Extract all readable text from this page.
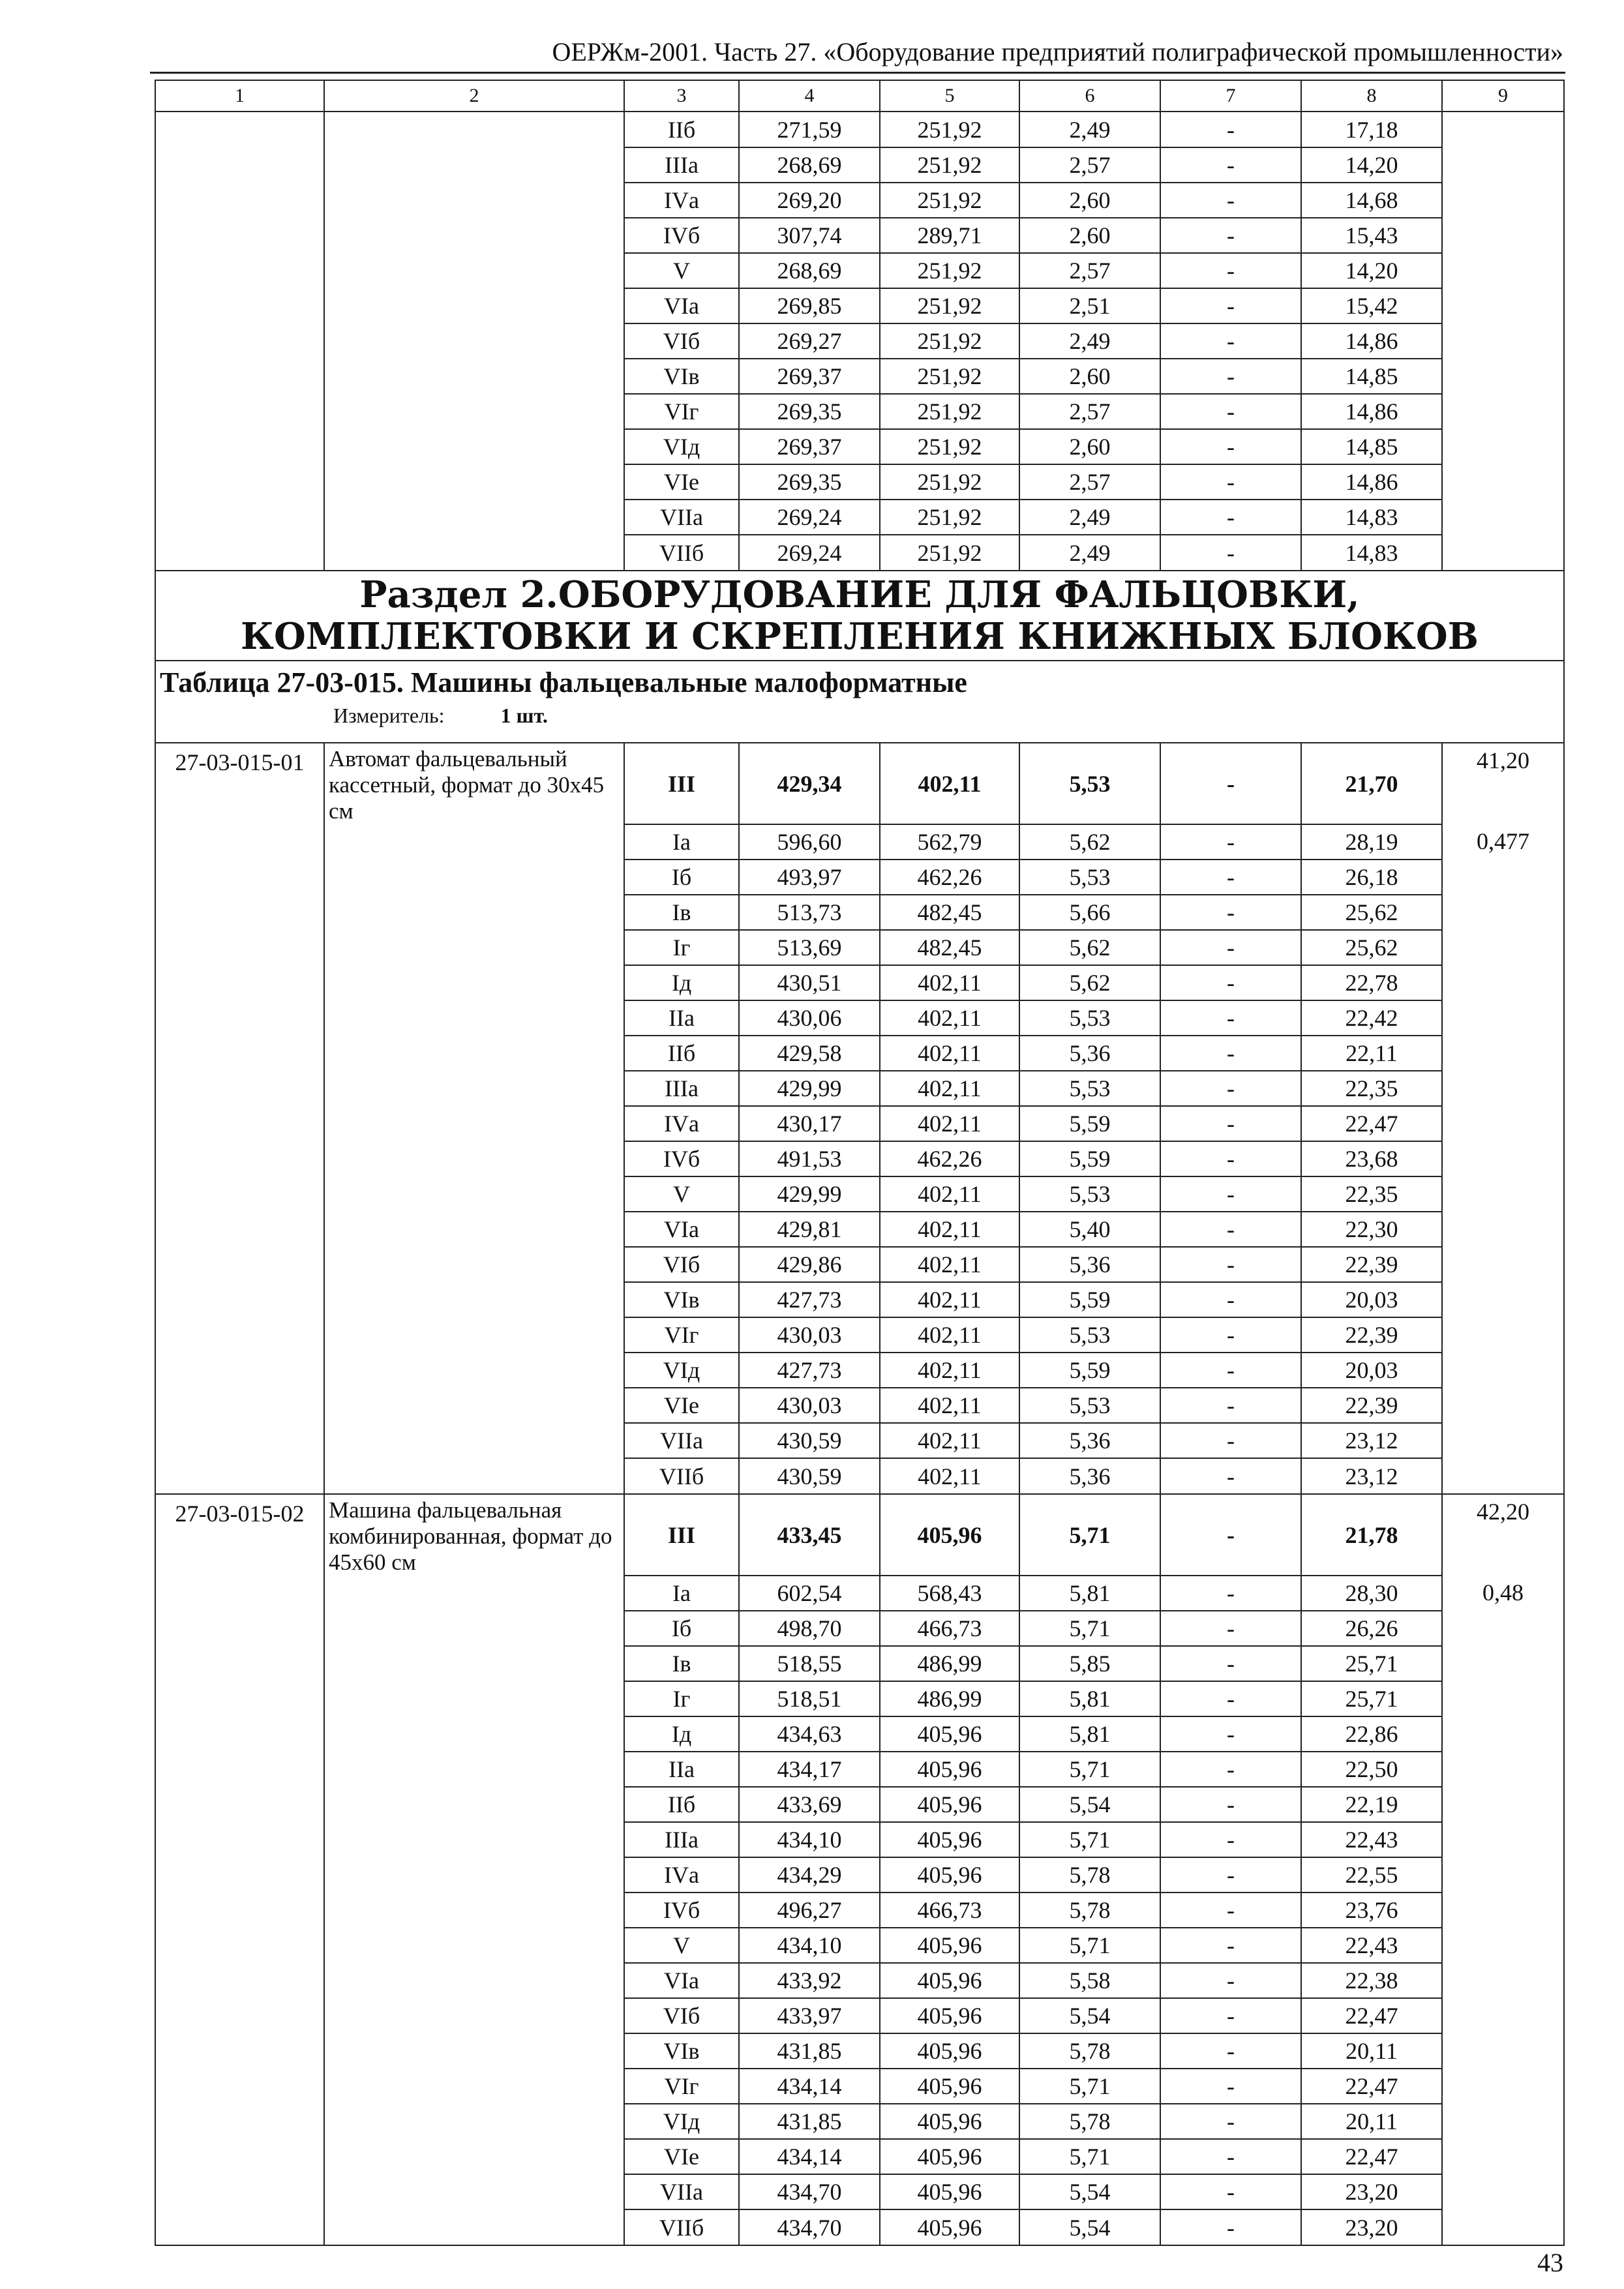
ОЕРЖм-2001. Часть 27. «Оборудование предприятий полиграфической промышленности»
1	2	3	4	5	6	7	8	9
		IIб	271,59	251,92	2,49	-	17,18	
		IIIа	268,69	251,92	2,57	-	14,20	
		IVа	269,20	251,92	2,60	-	14,68	
		IVб	307,74	289,71	2,60	-	15,43	
		V	268,69	251,92	2,57	-	14,20	
		VIа	269,85	251,92	2,51	-	15,42	
		VIб	269,27	251,92	2,49	-	14,86	
		VIв	269,37	251,92	2,60	-	14,85	
		VIг	269,35	251,92	2,57	-	14,86	
		VIд	269,37	251,92	2,60	-	14,85	
		VIе	269,35	251,92	2,57	-	14,86	
		VIIа	269,24	251,92	2,49	-	14,83	
		VIIб	269,24	251,92	2,49	-	14,83	
Раздел 2.ОБОРУДОВАНИЕ ДЛЯ ФАЛЬЦОВКИ, КОМПЛЕКТОВКИ И СКРЕПЛЕНИЯ КНИЖНЫХ БЛОКОВ								
Таблица 27-03-015. Машины фальцевальные малоформатные
Измеритель: 1 шт.								

27-03-015-01	Автомат фальцевальный кассетный, формат до 30х45 см	III	429,34	402,11	5,53	-	21,70	41,20
		Iа	596,60	562,79	5,62	-	28,19	0,477
		Iб	493,97	462,26	5,53	-	26,18	
		Iв	513,73	482,45	5,66	-	25,62	
		Iг	513,69	482,45	5,62	-	25,62	
		Iд	430,51	402,11	5,62	-	22,78	
		IIа	430,06	402,11	5,53	-	22,42	
		IIб	429,58	402,11	5,36	-	22,11	
		IIIа	429,99	402,11	5,53	-	22,35	
		IVа	430,17	402,11	5,59	-	22,47	
		IVб	491,53	462,26	5,59	-	23,68	
		V	429,99	402,11	5,53	-	22,35	
		VIа	429,81	402,11	5,40	-	22,30	
		VIб	429,86	402,11	5,36	-	22,39	
		VIв	427,73	402,11	5,59	-	20,03	
		VIг	430,03	402,11	5,53	-	22,39	
		VIд	427,73	402,11	5,59	-	20,03	
		VIе	430,03	402,11	5,53	-	22,39	
		VIIа	430,59	402,11	5,36	-	23,12	
		VIIб	430,59	402,11	5,36	-	23,12	
27-03-015-02	Машина фальцевальная комбинированная, формат до 45х60 см	III	433,45	405,96	5,71	-	21,78	42,20
		Iа	602,54	568,43	5,81	-	28,30	0,48
		Iб	498,70	466,73	5,71	-	26,26	
		Iв	518,55	486,99	5,85	-	25,71	
		Iг	518,51	486,99	5,81	-	25,71	
		Iд	434,63	405,96	5,81	-	22,86	
		IIа	434,17	405,96	5,71	-	22,50	
		IIб	433,69	405,96	5,54	-	22,19	
		IIIа	434,10	405,96	5,71	-	22,43	
		IVа	434,29	405,96	5,78	-	22,55	
		IVб	496,27	466,73	5,78	-	23,76	
		V	434,10	405,96	5,71	-	22,43	
		VIа	433,92	405,96	5,58	-	22,38	
		VIб	433,97	405,96	5,54	-	22,47	
		VIв	431,85	405,96	5,78	-	20,11	
		VIг	434,14	405,96	5,71	-	22,47	
		VIд	431,85	405,96	5,78	-	20,11	
		VIе	434,14	405,96	5,71	-	22,47	
		VIIа	434,70	405,96	5,54	-	23,20	
		VIIб	434,70	405,96	5,54	-	23,20	
43
